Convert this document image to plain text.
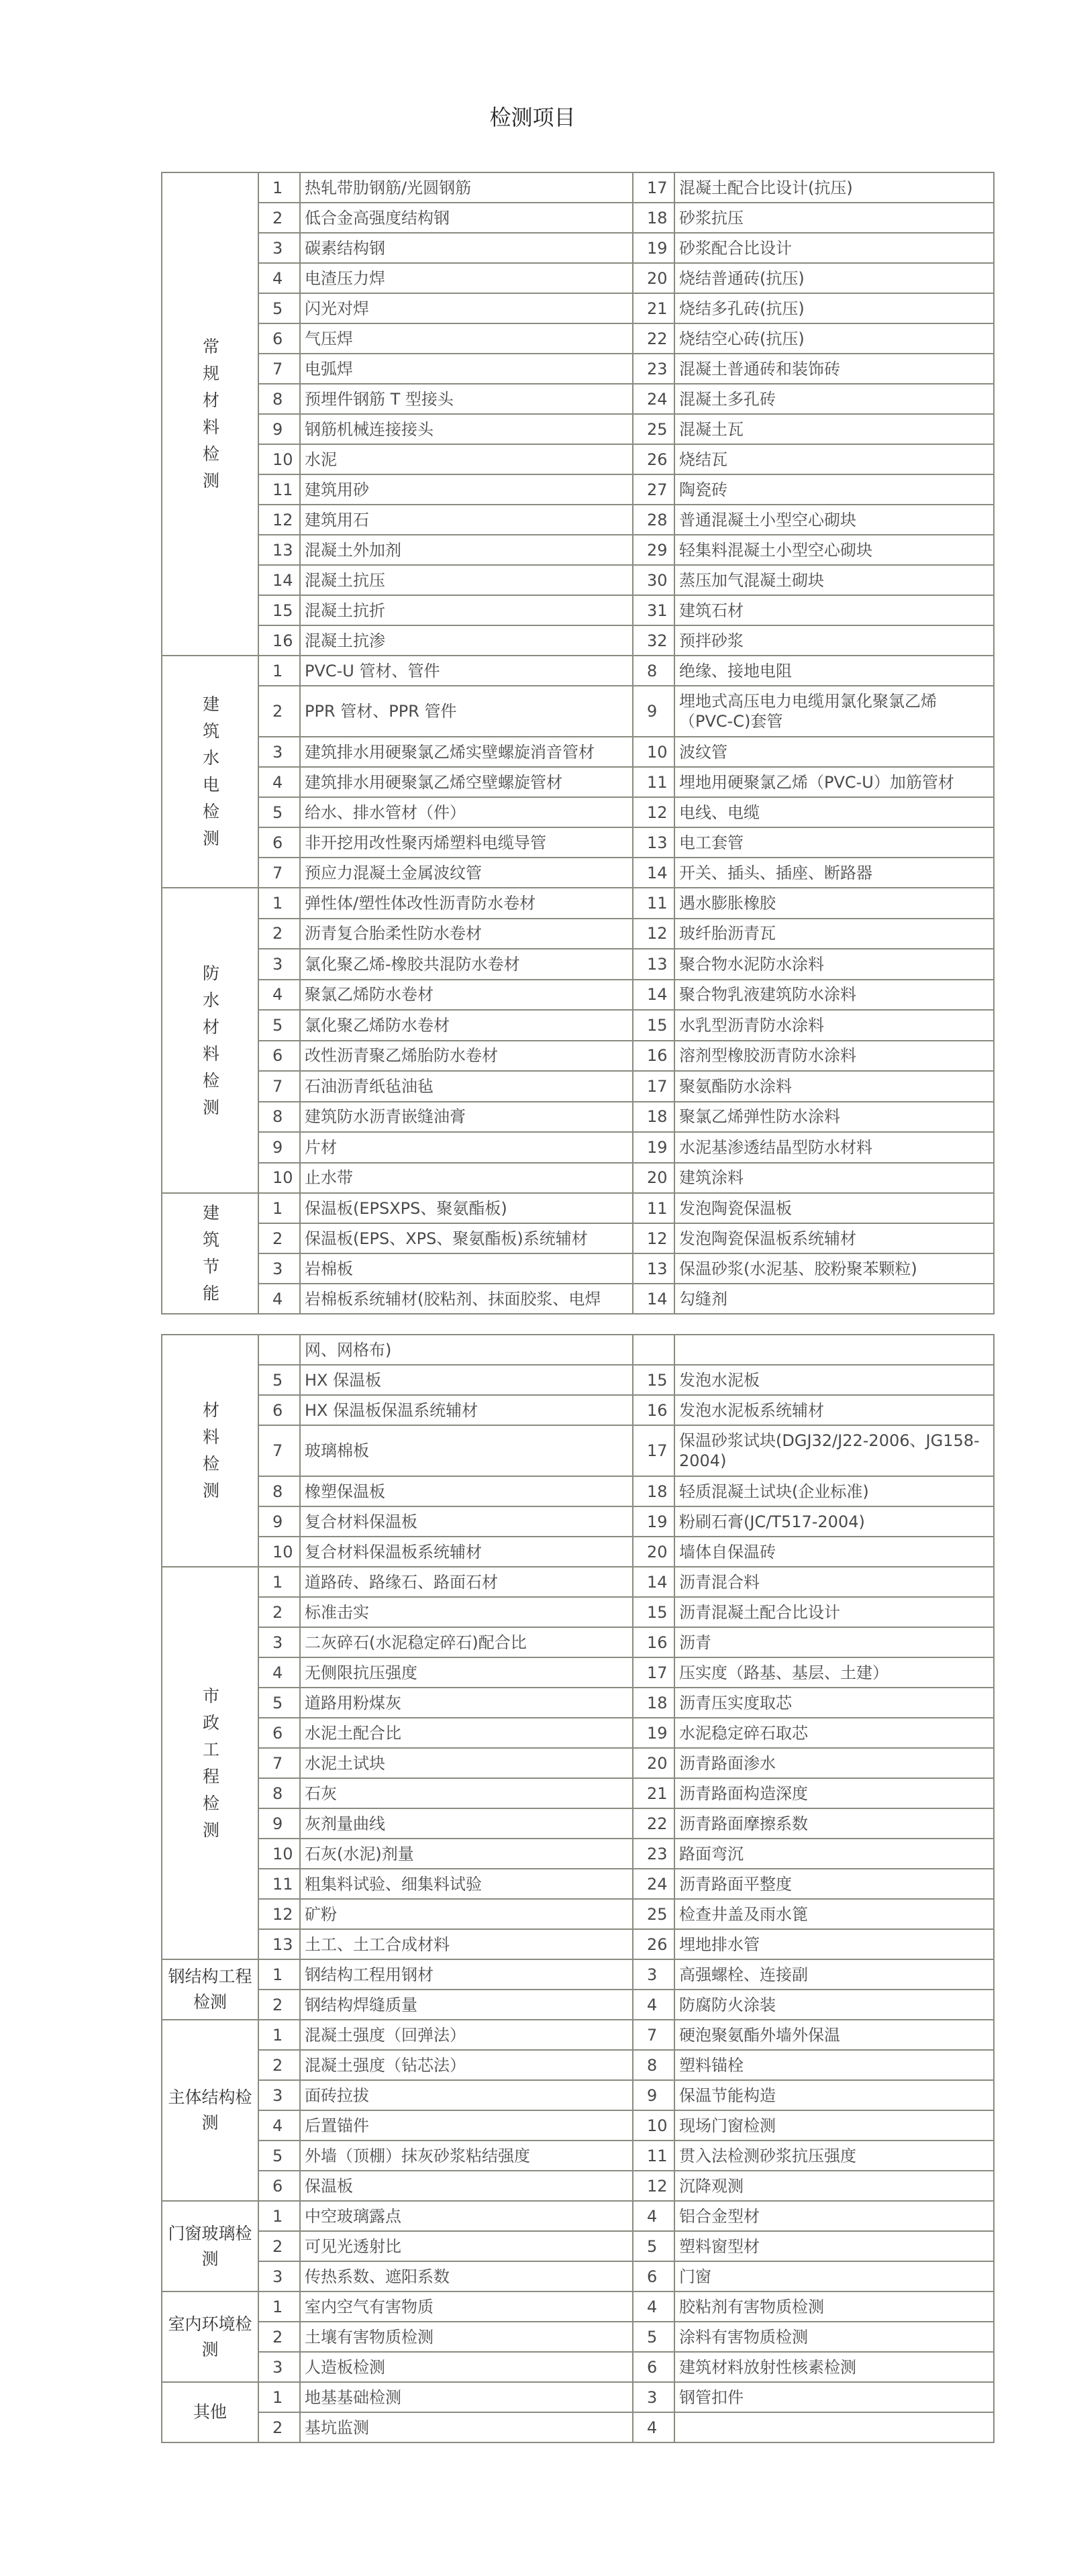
检测项目
常规材料检测	1	热轧带肋钢筋/光圆钢筋	17	混凝土配合比设计(抗压)
	2	低合金高强度结构钢	18	砂浆抗压
	3	碳素结构钢	19	砂浆配合比设计
	4	电渣压力焊	20	烧结普通砖(抗压)
	5	闪光对焊	21	烧结多孔砖(抗压)
	6	气压焊	22	烧结空心砖(抗压)
	7	电弧焊	23	混凝土普通砖和装饰砖
	8	预埋件钢筋 T 型接头	24	混凝土多孔砖
	9	钢筋机械连接接头	25	混凝土瓦
	10	水泥	26	烧结瓦
	11	建筑用砂	27	陶瓷砖
	12	建筑用石	28	普通混凝土小型空心砌块
	13	混凝土外加剂	29	轻集料混凝土小型空心砌块
	14	混凝土抗压	30	蒸压加气混凝土砌块
	15	混凝土抗折	31	建筑石材
	16	混凝土抗渗	32	预拌砂浆
建筑水电检测	1	PVC-U 管材、管件	8	绝缘、接地电阻
	2	PPR 管材、PPR 管件	9	埋地式高压电力电缆用氯化聚氯乙烯（PVC-C)套管
	3	建筑排水用硬聚氯乙烯实壁螺旋消音管材	10	波纹管
	4	建筑排水用硬聚氯乙烯空壁螺旋管材	11	埋地用硬聚氯乙烯（PVC-U）加筋管材
	5	给水、排水管材（件）	12	电线、电缆
	6	非开挖用改性聚丙烯塑料电缆导管	13	电工套管
	7	预应力混凝土金属波纹管	14	开关、插头、插座、断路器
防水材料检测	1	弹性体/塑性体改性沥青防水卷材	11	遇水膨胀橡胶
	2	沥青复合胎柔性防水卷材	12	玻纤胎沥青瓦
	3	氯化聚乙烯-橡胶共混防水卷材	13	聚合物水泥防水涂料
	4	聚氯乙烯防水卷材	14	聚合物乳液建筑防水涂料
	5	氯化聚乙烯防水卷材	15	水乳型沥青防水涂料
	6	改性沥青聚乙烯胎防水卷材	16	溶剂型橡胶沥青防水涂料
	7	石油沥青纸毡油毡	17	聚氨酯防水涂料
	8	建筑防水沥青嵌缝油膏	18	聚氯乙烯弹性防水涂料
	9	片材	19	水泥基渗透结晶型防水材料
	10	止水带	20	建筑涂料
建筑节能	1	保温板(EPSXPS、聚氨酯板)	11	发泡陶瓷保温板
	2	保温板(EPS、XPS、聚氨酯板)系统辅材	12	发泡陶瓷保温板系统辅材
	3	岩棉板	13	保温砂浆(水泥基、胶粉聚苯颗粒)
	4	岩棉板系统辅材(胶粘剂、抹面胶浆、电焊	14	勾缝剂
材料检测		网、网格布)		
	5	HX 保温板	15	发泡水泥板
	6	HX 保温板保温系统辅材	16	发泡水泥板系统辅材
	7	玻璃棉板	17	保温砂浆试块(DGJ32/J22-2006、JG158-2004)
	8	橡塑保温板	18	轻质混凝土试块(企业标准)
	9	复合材料保温板	19	粉刷石膏(JC/T517-2004)
	10	复合材料保温板系统辅材	20	墙体自保温砖
市政工程检测	1	道路砖、路缘石、路面石材	14	沥青混合料
	2	标准击实	15	沥青混凝土配合比设计
	3	二灰碎石(水泥稳定碎石)配合比	16	沥青
	4	无侧限抗压强度	17	压实度（路基、基层、土建）
	5	道路用粉煤灰	18	沥青压实度取芯
	6	水泥土配合比	19	水泥稳定碎石取芯
	7	水泥土试块	20	沥青路面渗水
	8	石灰	21	沥青路面构造深度
	9	灰剂量曲线	22	沥青路面摩擦系数
	10	石灰(水泥)剂量	23	路面弯沉
	11	粗集料试验、细集料试验	24	沥青路面平整度
	12	矿粉	25	检查井盖及雨水篦
	13	土工、土工合成材料	26	埋地排水管
钢结构工程检测	1	钢结构工程用钢材	3	高强螺栓、连接副
	2	钢结构焊缝质量	4	防腐防火涂装
主体结构检测	1	混凝土强度（回弹法）	7	硬泡聚氨酯外墙外保温
	2	混凝土强度（钻芯法）	8	塑料锚栓
	3	面砖拉拔	9	保温节能构造
	4	后置锚件	10	现场门窗检测
	5	外墙（顶棚）抹灰砂浆粘结强度	11	贯入法检测砂浆抗压强度
	6	保温板	12	沉降观测
门窗玻璃检测	1	中空玻璃露点	4	铝合金型材
	2	可见光透射比	5	塑料窗型材
	3	传热系数、遮阳系数	6	门窗
室内环境检测	1	室内空气有害物质	4	胶粘剂有害物质检测
	2	土壤有害物质检测	5	涂料有害物质检测
	3	人造板检测	6	建筑材料放射性核素检测
其他	1	地基基础检测	3	钢管扣件
	2	基坑监测	4	
